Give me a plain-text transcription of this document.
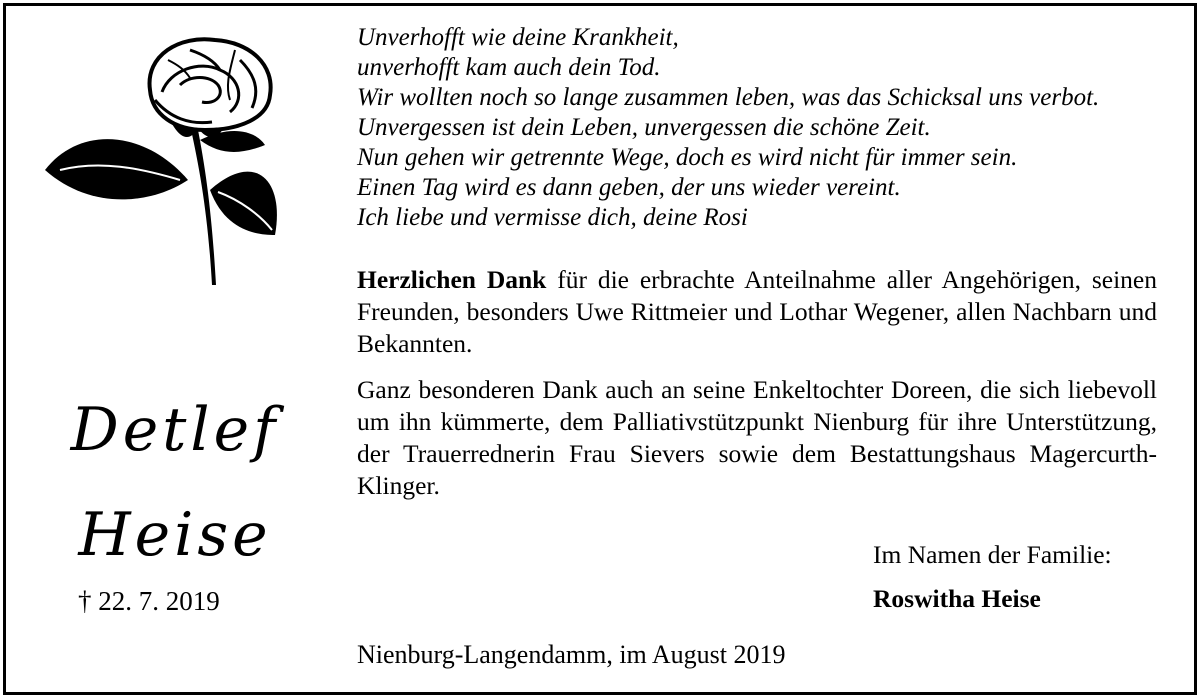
Unverhofft wie deine Krankheit,
unverhofft kam auch dein Tod.
Wir wollten noch so lange zusammen leben, was das Schicksal uns verbot.
Unvergessen ist dein Leben, unvergessen die schöne Zeit.
Nun gehen wir getrennte Wege, doch es wird nicht für immer sein.
Einen Tag wird es dann geben, der uns wieder vereint.
Ich liebe und vermisse dich, deine Rosi
Herzlichen Dank für die erbrachte Anteilnahme aller Angehörigen, seinen Freunden, besonders Uwe Rittmeier und Lothar Wegener, allen Nachbarn und Bekannten.
Ganz besonderen Dank auch an seine Enkeltochter Doreen, die sich liebevoll um ihn kümmerte, dem Palliativstützpunkt Nienburg für ihre Unterstützung, der Trauerrednerin Frau Sievers sowie dem Bestattungshaus Magercurth-Klinger.
Detlef
Heise
† 22. 7. 2019
Im Namen der Familie:
Roswitha Heise
Nienburg-Langendamm, im August 2019
